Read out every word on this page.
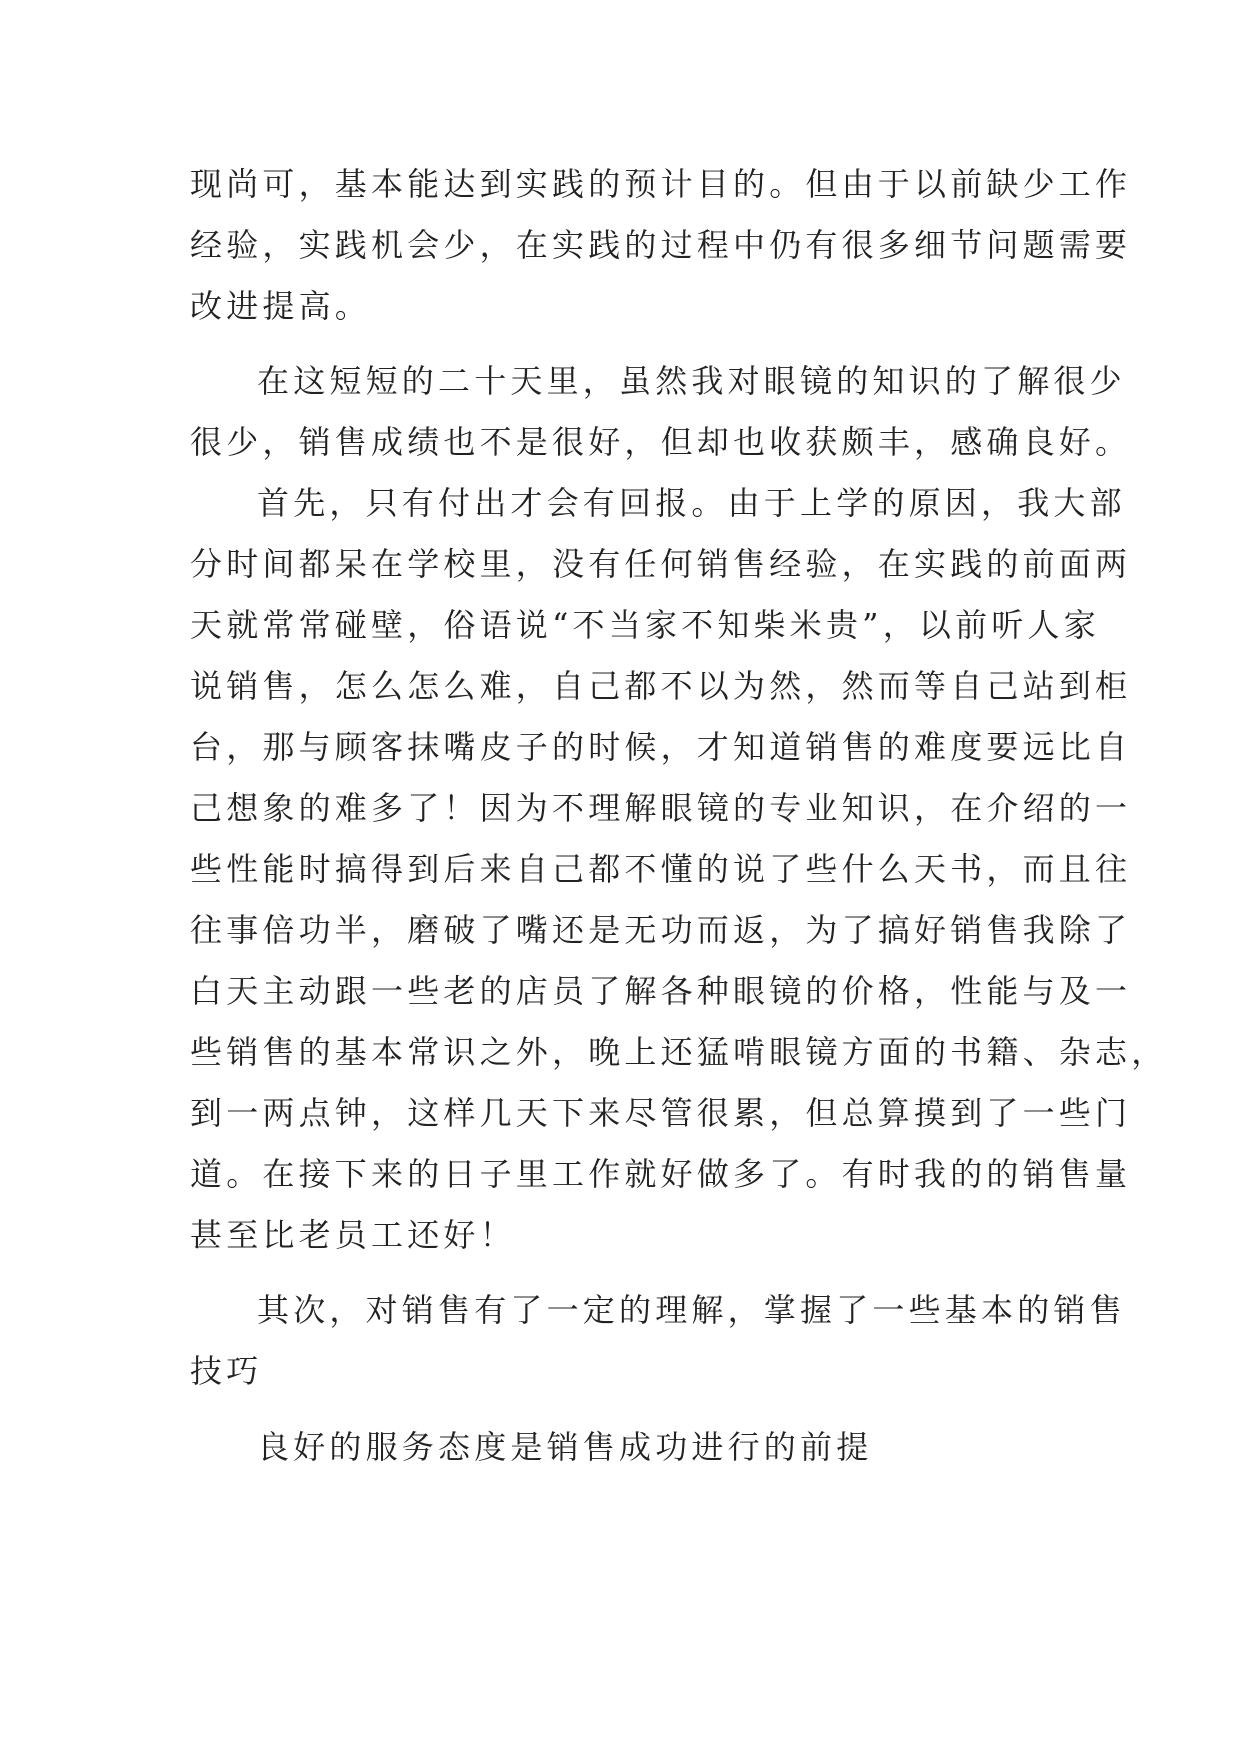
现尚可，基本能达到实践的预计目的。但由于以前缺少工作
经验，实践机会少，在实践的过程中仍有很多细节问题需要
改进提高。
在这短短的二十天里，虽然我对眼镜的知识的了解很少
很少，销售成绩也不是很好，但却也收获颇丰，感确良好。
首先，只有付出才会有回报。由于上学的原因，我大部
分时间都呆在学校里，没有任何销售经验，在实践的前面两
天就常常碰壁，俗语说“不当家不知柴米贵”，以前听人家
说销售，怎么怎么难，自己都不以为然，然而等自己站到柜
台，那与顾客抹嘴皮子的时候，才知道销售的难度要远比自
己想象的难多了！因为不理解眼镜的专业知识，在介绍的一
些性能时搞得到后来自己都不懂的说了些什么天书，而且往
往事倍功半，磨破了嘴还是无功而返，为了搞好销售我除了
白天主动跟一些老的店员了解各种眼镜的价格，性能与及一
些销售的基本常识之外，晚上还猛啃眼镜方面的书籍、杂志，
到一两点钟，这样几天下来尽管很累，但总算摸到了一些门
道。在接下来的日子里工作就好做多了。有时我的的销售量
甚至比老员工还好！
其次，对销售有了一定的理解，掌握了一些基本的销售
技巧
良好的服务态度是销售成功进行的前提
